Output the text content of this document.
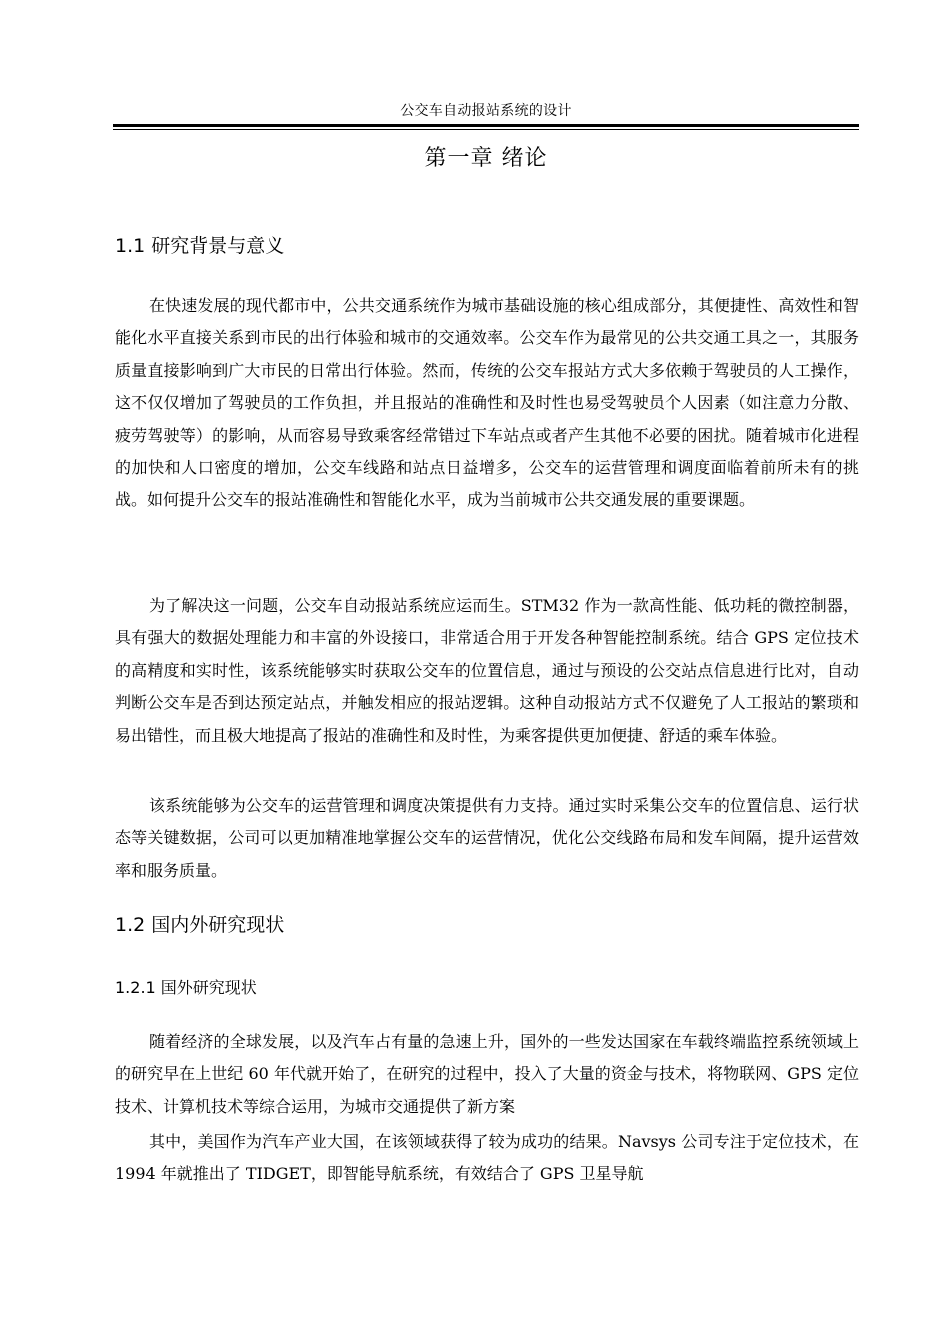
公交车自动报站系统的设计
第一章 绪论
1.1 研究背景与意义

在快速发展的现代都市中，公共交通系统作为城市基础设施的核心组成部分，其便捷性、高效性和智能化水平直接关系到市民的出行体验和城市的交通效率。公交车作为最常见的公共交通工具之一，其服务质量直接影响到广大市民的日常出行体验。然而，传统的公交车报站方式大多依赖于驾驶员的人工操作，这不仅仅增加了驾驶员的工作负担，并且报站的准确性和及时性也易受驾驶员个人因素（如注意力分散、疲劳驾驶等）的影响，从而容易导致乘客经常错过下车站点或者产生其他不必要的困扰。随着城市化进程的加快和人口密度的增加，公交车线路和站点日益增多，公交车的运营管理和调度面临着前所未有的挑战。如何提升公交车的报站准确性和智能化水平，成为当前城市公共交通发展的重要课题。

为了解决这一问题，公交车自动报站系统应运而生。STM32 作为一款高性能、低功耗的微控制器，具有强大的数据处理能力和丰富的外设接口，非常适合用于开发各种智能控制系统。结合 GPS 定位技术的高精度和实时性，该系统能够实时获取公交车的位置信息，通过与预设的公交站点信息进行比对，自动判断公交车是否到达预定站点，并触发相应的报站逻辑。这种自动报站方式不仅避免了人工报站的繁琐和易出错性，而且极大地提高了报站的准确性和及时性，为乘客提供更加便捷、舒适的乘车体验。

该系统能够为公交车的运营管理和调度决策提供有力支持。通过实时采集公交车的位置信息、运行状态等关键数据，公司可以更加精准地掌握公交车的运营情况，优化公交线路布局和发车间隔，提升运营效率和服务质量。

1.2 国内外研究现状
1.2.1 国外研究现状

随着经济的全球发展，以及汽车占有量的急速上升，国外的一些发达国家在车载终端监控系统领域上的研究早在上世纪 60 年代就开始了，在研究的过程中，投入了大量的资金与技术，将物联网、GPS 定位技术、计算机技术等综合运用，为城市交通提供了新方案

其中，美国作为汽车产业大国，在该领域获得了较为成功的结果。Navsys 公司专注于定位技术，在 1994 年就推出了 TIDGET，即智能导航系统，有效结合了 GPS 卫星导航
